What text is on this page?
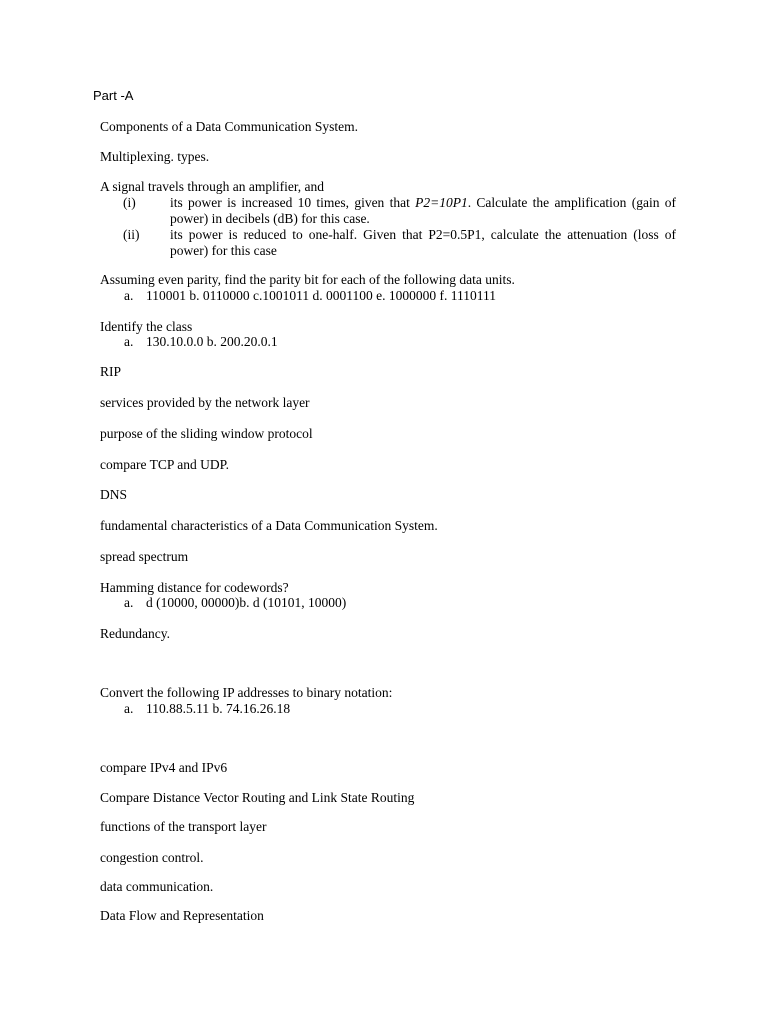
Part -A
Components of a Data Communication System.
Multiplexing. types.
A signal travels through an amplifier, and
(i)	its power is increased 10 times, given that P2=10P1. Calculate the amplification (gain of power) in decibels (dB) for this case.
(ii) its power is reduced to one-half. Given that P2=0.5P1, calculate the attenuation (loss of power) for this case
Assuming even parity, find the parity bit for each of the following data units.
a. 110001 b. 0110000 c.1001011 d. 0001100 e. 1000000 f. 1110111
Identify the class
a. 130.10.0.0 b. 200.20.0.1
RIP
services provided by the network layer
purpose of the sliding window protocol
compare TCP and UDP.
DNS
fundamental characteristics of a Data Communication System.
spread spectrum
Hamming distance for codewords?
a. d (10000, 00000)b. d (10101, 10000)
Redundancy.
Convert the following IP addresses to binary notation:
a. 110.88.5.11 b. 74.16.26.18
compare IPv4 and IPv6
Compare Distance Vector Routing and Link State Routing
functions of the transport layer
congestion control.
data communication.
Data Flow and Representation
